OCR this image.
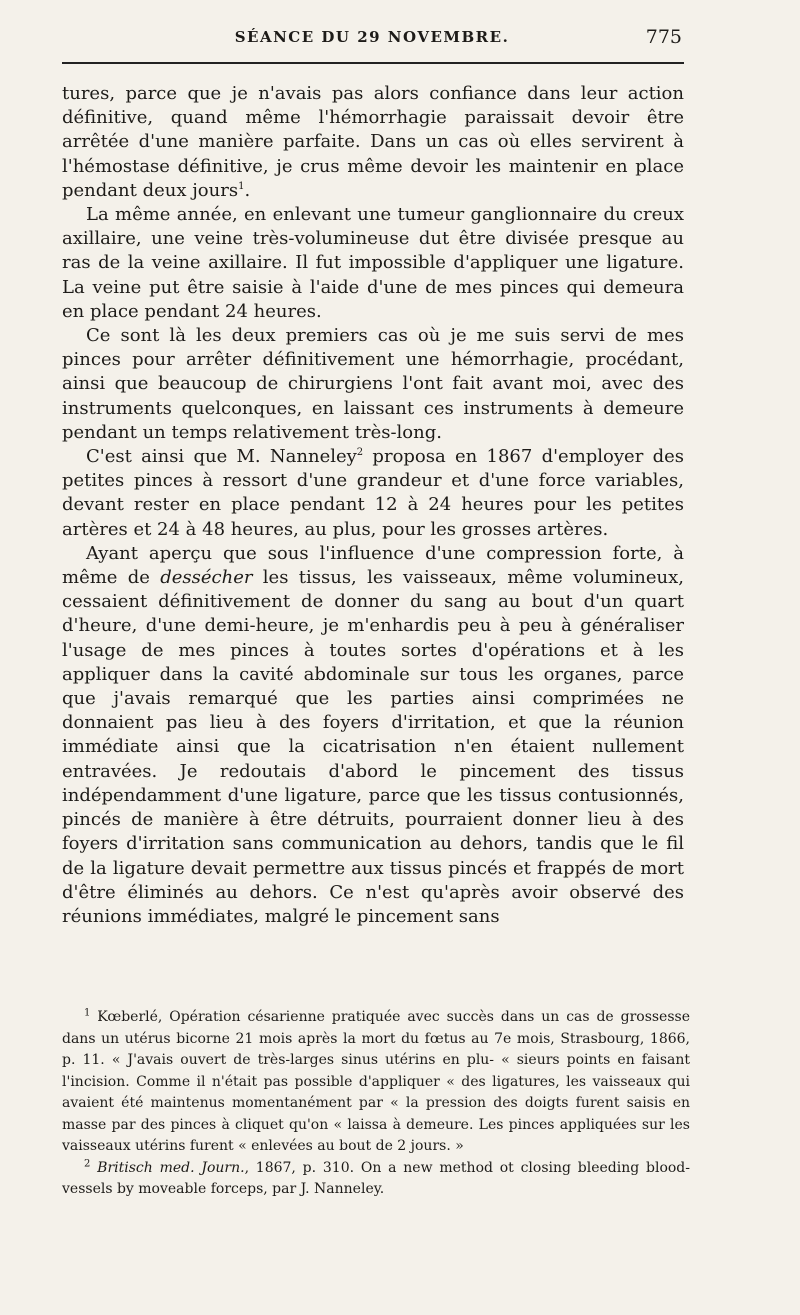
SÉANCE DU 29 NOVEMBRE.	775

tures, parce que je n'avais pas alors confiance dans leur action définitive, quand même l'hémorrhagie paraissait devoir être arrêtée d'une manière parfaite. Dans un cas où elles servirent à l'hémostase définitive, je crus même devoir les maintenir en place pendant deux jours$^1$.

La même année, en enlevant une tumeur ganglionnaire du creux axillaire, une veine très-volumineuse dut être divisée presque au ras de la veine axillaire. Il fut impossible d'appliquer une ligature. La veine put être saisie à l'aide d'une de mes pinces qui demeura en place pendant 24 heures.

Ce sont là les deux premiers cas où je me suis servi de mes pinces pour arrêter définitivement une hémorrhagie, procédant, ainsi que beaucoup de chirurgiens l'ont fait avant moi, avec des instruments quelconques, en laissant ces instruments à demeure pendant un temps relativement très-long.

C'est ainsi que M. Nanneley$^2$ proposa en 1867 d'employer des petites pinces à ressort d'une grandeur et d'une force variables, devant rester en place pendant 12 à 24 heures pour les petites artères et 24 à 48 heures, au plus, pour les grosses artères.

Ayant aperçu que sous l'influence d'une compression forte, à même de dessécher les tissus, les vaisseaux, même volumineux, cessaient définitivement de donner du sang au bout d'un quart d'heure, d'une demi-heure, je m'enhardis peu à peu à généraliser l'usage de mes pinces à toutes sortes d'opérations et à les appliquer dans la cavité abdominale sur tous les organes, parce que j'avais remarqué que les parties ainsi comprimées ne donnaient pas lieu à des foyers d'irritation, et que la réunion immédiate ainsi que la cicatrisation n'en étaient nullement entravées. Je redoutais d'abord le pincement des tissus indépendamment d'une ligature, parce que les tissus contusionnés, pincés de manière à être détruits, pourraient donner lieu à des foyers d'irritation sans communication au dehors, tandis que le fil de la ligature devait permettre aux tissus pincés et frappés de mort d'être éliminés au dehors. Ce n'est qu'après avoir observé des réunions immédiates, malgré le pincement sans

$^1$ Kœberlé, Opération césarienne pratiquée avec succès dans un cas de grossesse dans un utérus bicorne 21 mois après la mort du fœtus au 7e mois, Strasbourg, 1866, p. 11. « J'avais ouvert de très-larges sinus utérins en plu- « sieurs points en faisant l'incision. Comme il n'était pas possible d'appliquer « des ligatures, les vaisseaux qui avaient été maintenus momentanément par « la pression des doigts furent saisis en masse par des pinces à cliquet qu'on « laissa à demeure. Les pinces appliquées sur les vaisseaux utérins furent « enlevées au bout de 2 jours. »

$^2$ Britisch med. Journ., 1867, p. 310. On a new method ot closing bleeding blood-vessels by moveable forceps, par J. Nanneley.
